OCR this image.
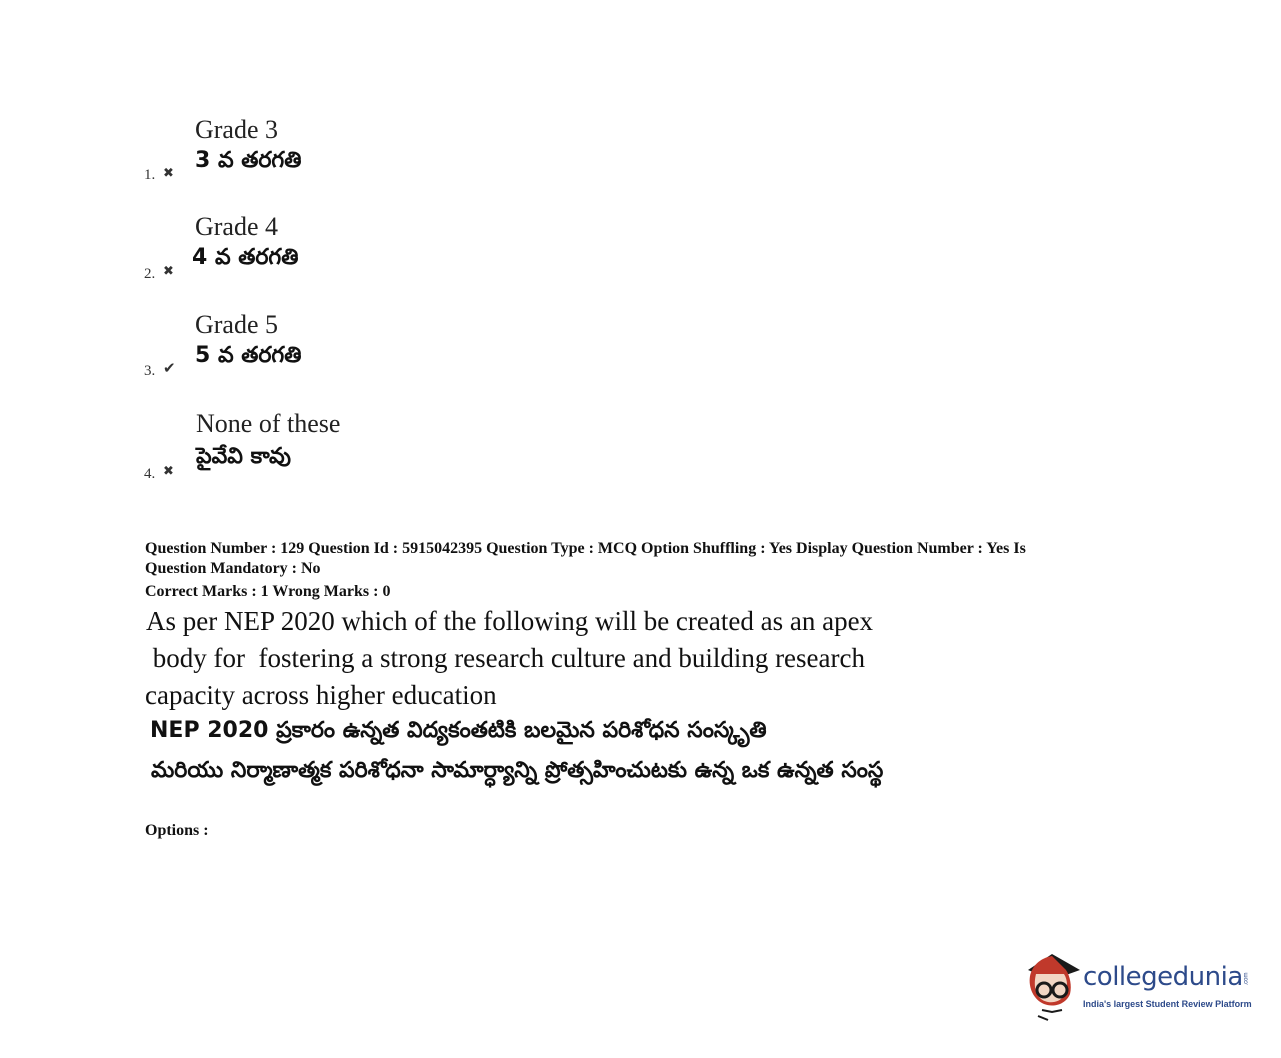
Grade 3
3 వ తరగతి
1. ✖
Grade 4
4 వ తరగతి
2. ✖
Grade 5
5 వ తరగతి
3. ✔
None of these
పైవేవి కావు
4. ✖
Question Number : 129 Question Id : 5915042395 Question Type : MCQ Option Shuffling : Yes Display Question Number : Yes Is
Question Mandatory : No
Correct Marks : 1 Wrong Marks : 0
As per NEP 2020 which of the following will be created as an apex
body for  fostering a strong research culture and building research
capacity across higher education
NEP 2020 ప్రకారం ఉన్నత విద్యకంతటికి బలమైన పరిశోధన సంస్కృతి
మరియు నిర్మాణాత్మక పరిశోధనా సామార్ధ్యాన్ని ప్రోత్సహించుటకు ఉన్న ఒక ఉన్నత సంస్థ
Options :
collegedunia .com
India's largest Student Review Platform
